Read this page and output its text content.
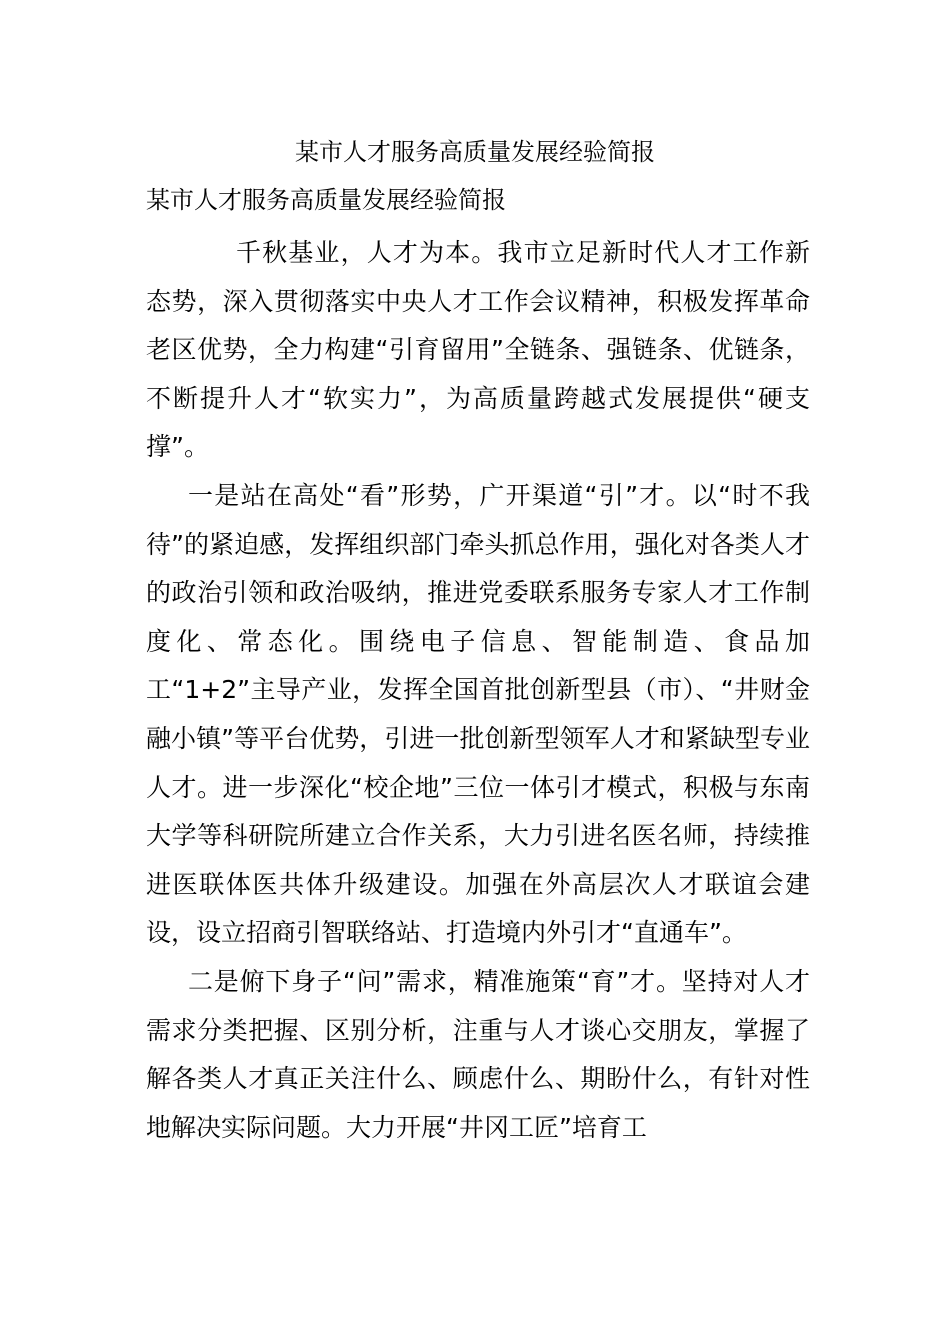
某市人才服务高质量发展经验简报
某市人才服务高质量发展经验简报

千秋基业，人才为本。我市立足新时代人才工作新态势，深入贯彻落实中央人才工作会议精神，积极发挥革命老区优势，全力构建“引育留用”全链条、强链条、优链条，不断提升人才“软实力”，为高质量跨越式发展提供“硬支撑”。

一是站在高处“看”形势，广开渠道“引”才。以“时不我待”的紧迫感，发挥组织部门牵头抓总作用，强化对各类人才的政治引领和政治吸纳，推进党委联系服务专家人才工作制度化、常态化。围绕电子信息、智能制造、食品加工“1+2”主导产业，发挥全国首批创新型县（市）、“井财金融小镇”等平台优势，引进一批创新型领军人才和紧缺型专业人才。进一步深化“校企地”三位一体引才模式，积极与东南大学等科研院所建立合作关系，大力引进名医名师，持续推进医联体医共体升级建设。加强在外高层次人才联谊会建设，设立招商引智联络站、打造境内外引才“直通车”。

二是俯下身子“问”需求，精准施策“育”才。坚持对人才需求分类把握、区别分析，注重与人才谈心交朋友，掌握了解各类人才真正关注什么、顾虑什么、期盼什么，有针对性地解决实际问题。大力开展“井冈工匠”培育工
